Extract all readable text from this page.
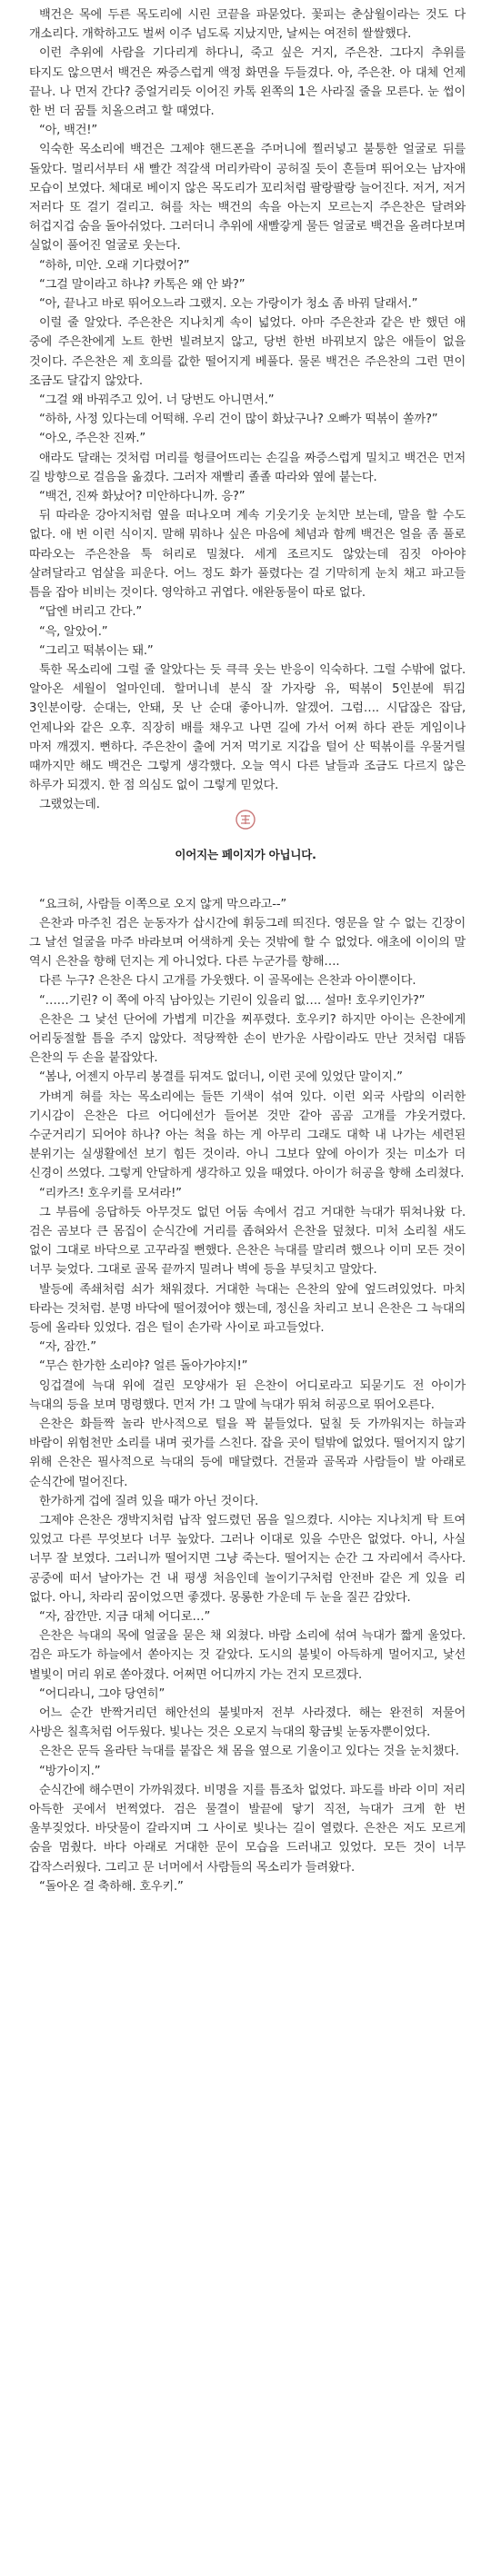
백건은 목에 두른 목도리에 시린 코끝을 파묻었다. 꽃피는 춘삼월이라는 것도 다 개소리다. 개학하고도 벌써 이주 넘도록 지났지만, 날씨는 여전히 쌀쌀했다.

이런 추위에 사람을 기다리게 하다니, 죽고 싶은 거지, 주은찬. 그다지 추위를 타지도 않으면서 백건은 짜증스럽게 액정 화면을 두들겼다. 아, 주은찬. 아 대체 언제 끝나. 나 먼저 간다? 중얼거리듯 이어진 카톡 왼쪽의 1은 사라질 줄을 모른다. 눈 썹이 한 번 더 꿈틀 치올으려고 할 때였다.

“아, 백건!”

익숙한 목소리에 백건은 그제야 핸드폰을 주머니에 찔러넣고 불퉁한 얼굴로 뒤를 돌았다. 멀리서부터 새 빨간 적갈색 머리카락이 공허질 듯이 흔들며 뛰어오는 남자애 모습이 보였다. 체대로 베이지 않은 목도리가 꼬리처럼 팔랑팔랑 늘어진다. 저거, 저거 저러다 또 걸기 걸리고. 혀를 차는 백건의 속을 아는지 모르는지 주은찬은 달려와 허겁지겁 숨을 돌아쉬었다. 그러더니 추위에 새빨갛게 물든 얼굴로 백건을 올려다보며 실없이 풀어진 얼굴로 웃는다.

“하하, 미안. 오래 기다렸어?”

“그걸 말이라고 하냐? 카톡은 왜 안 봐?”

“아, 끝나고 바로 뛰어오느라 그랬지. 오는 가랑이가 청소 좀 바꿔 달래서.”

이럴 줄 알았다. 주은찬은 지나치게 속이 넓었다. 아마 주은찬과 같은 반 했던 애 중에 주은찬에게 노트 한번 빌려보지 않고, 당번 한번 바꿔보지 않은 애들이 없을 것이다. 주은찬은 제 호의를 값한 떨어지게 베풀다. 물론 백건은 주은찬의 그런 면이 조금도 달갑지 않았다.

“그걸 왜 바꿔주고 있어. 너 당번도 아니면서.”

“하하, 사정 있다는데 어떡해. 우리 건이 많이 화났구나? 오빠가 떡볶이 쏠까?”

“아오, 주은찬 진짜.”

애라도 달래는 것처럼 머리를 헝클어뜨리는 손길을 짜증스럽게 밀치고 백건은 먼저 길 방향으로 걸음을 옮겼다. 그러자 재빨리 졸졸 따라와 옆에 붙는다.

“백건, 진짜 화났어? 미안하다니까. 응?”

뒤 따라운 강아지처럼 옆을 떠나오며 계속 기웃기웃 눈치만 보는데, 말을 할 수도 없다. 애 번 이런 식이지. 말해 뭐하나 싶은 마음에 체념과 함께 백건은 얼을 좀 풀로 따라오는 주은찬을 툭 허리로 밀쳤다. 세게 조르지도 않았는데 짐짓 아아야 살려달라고 엄살을 피운다. 어느 정도 화가 풀렸다는 걸 기막히게 눈치 채고 파고들 틈을 잡아 비비는 것이다. 영악하고 귀엽다. 애완동물이 따로 없다.

“답엔 버리고 간다.”

“윽, 알았어.”

“그리고 떡볶이는 돼.”

툭한 목소리에 그럴 줄 알았다는 듯 큭큭 웃는 반응이 익숙하다. 그럴 수밖에 없다. 알아온 세월이 얼마인데. 할머니네 분식 잘 가자랑 유, 떡볶이 5인분에 튀김 3인분이랑. 순대는, 안돼, 못 난 순대 좋아니까. 알겠어. 그럼…. 시답잖은 잡담, 언제나와 같은 오후. 직장히 배를 채우고 나면 길에 가서 어쩌 하다 관둔 게임이나 마저 깨겠지. 뻔하다. 주은찬이 출에 거저 먹기로 지갑을 털어 산 떡볶이를 우물거릴 때까지만 해도 백건은 그렇게 생각했다. 오늘 역시 다른 날들과 조금도 다르지 않은 하루가 되겠지. 한 점 의심도 없이 그렇게 믿었다.

그랬었는데.

이어지는 페이지가 아닙니다.

“요크허, 사람들 이쪽으로 오지 않게 막으라고--”

은찬과 마주친 검은 눈동자가 삽시간에 휘둥그레 띄진다. 영문을 알 수 없는 긴장이 그 날선 얼굴을 마주 바라보며 어색하게 웃는 것밖에 할 수 없었다. 애초에 이이의 말 역시 은찬을 향해 던지는 게 아니었다. 다른 누군가를 향해….

다른 누구? 은찬은 다시 고개를 가웃했다. 이 골목에는 은찬과 아이뿐이다.

“……기린? 이 쪽에 아직 남아있는 기린이 있을리 없…. 설마! 호우키인가?”

은찬은 그 낯선 단어에 가볍게 미간을 찌푸렸다. 호우키? 하지만 아이는 은찬에게 어리둥절할 틈을 주지 않았다. 적당짝한 손이 반가운 사람이라도 만난 것처럼 대뜸 은찬의 두 손을 붙잡았다.

“봄나, 어젠지 아무리 봉결를 뒤져도 없더니, 이런 곳에 있었단 말이지.”

가벼게 혀를 차는 목소리에는 들뜬 기색이 섞여 있다. 이런 외국 사람의 이러한 기시감이 은찬은 다르 어디에선가 들어본 것만 같아 곰곰 고개를 갸웃거렸다. 수군거리기 되어야 하나? 아는 척을 하는 게 아무리 그래도 대학 내 나가는 세련된 분위기는 실생활에선 보기 힘든 것이라. 아니 그보다 앞에 아이가 짓는 미소가 더 신경이 쓰였다. 그렇게 안달하게 생각하고 있을 때였다. 아이가 허공을 향해 소리쳤다.

“리카즈! 호우키를 모셔라!”

그 부름에 응답하듯 아무것도 없던 어둠 속에서 검고 거대한 늑대가 뛰쳐나왔 다. 검은 곰보다 큰 몸집이 순식간에 거리를 좁혀와서 은찬을 덮쳤다. 미처 소리칠 새도 없이 그대로 바닥으로 고꾸라질 뻔했다. 은찬은 늑대를 말리려 했으나 이미 모든 것이 너무 늦었다. 그대로 골목 끝까지 밀려나 벽에 등을 부딪치고 말았다.

발등에 족쇄처럼 쇠가 채워졌다. 거대한 늑대는 은찬의 앞에 엎드려있었다. 마치 타라는 것처럼. 분명 바닥에 떨어졌어야 했는데, 정신을 차리고 보니 은찬은 그 늑대의 등에 올라타 있었다. 검은 털이 손가락 사이로 파고들었다.

“자, 잠깐.”

“무슨 한가한 소리야? 얼른 돌아가야지!”

잉겁결에 늑대 위에 걸린 모양새가 된 은찬이 어디로라고 되묻기도 전 아이가 늑대의 등을 보며 명령했다. 먼저 가! 그 말에 늑대가 뛰쳐 허공으로 뛰어오른다.

은찬은 화들짝 놀라 반사적으로 털을 꽉 붙들었다. 덮칠 듯 가까워지는 하늘과 바람이 위험천만 소리를 내며 귓가를 스친다. 잡을 곳이 털밖에 없었다. 떨어지지 않기 위해 은찬은 필사적으로 늑대의 등에 매달렸다. 건물과 골목과 사람들이 발 아래로 순식간에 멀어진다.

한가하게 겁에 질려 있을 때가 아닌 것이다.

그제야 은찬은 갱박지처럼 납작 엎드렸던 몸을 일으켰다. 시야는 지나치게 탁 트여 있었고 다른 무엇보다 너무 높았다. 그러나 이대로 있을 수만은 없었다. 아니, 사실 너무 잘 보였다. 그러니까 떨어지면 그냥 죽는다. 떨어지는 순간 그 자리에서 즉사다. 공중에 떠서 날아가는 건 내 평생 처음인데 놀이기구처럼 안전바 같은 게 있을 리 없다. 아니, 차라리 꿈이었으면 좋겠다. 몽롱한 가운데 두 눈을 질끈 감았다.

“자, 잠깐만. 지금 대체 어디로…”

은찬은 늑대의 목에 얼굴을 묻은 채 외쳤다. 바람 소리에 섞여 늑대가 짧게 울었다. 검은 파도가 하늘에서 쏟아지는 것 같았다. 도시의 불빛이 아득하게 멀어지고, 낯선 별빛이 머리 위로 쏟아졌다. 어쩌면 어디까지 가는 건지 모르겠다.

“어디라니, 그야 당연히”

어느 순간 반짝거리던 해안선의 불빛마저 전부 사라졌다. 해는 완전히 저물어 사방은 칠흑처럼 어두웠다. 빛나는 것은 오로지 늑대의 황금빛 눈동자뿐이었다.

은찬은 문득 올라탄 늑대를 붙잡은 채 몸을 옆으로 기울이고 있다는 것을 눈치챘다.

“방가이지.”

순식간에 해수면이 가까워졌다. 비명을 지를 틈조차 없었다. 파도를 바라 이미 저리 아득한 곳에서 번쩍였다. 검은 물결이 발끝에 닿기 직전, 늑대가 크게 한 번 울부짖었다. 바닷물이 갈라지며 그 사이로 빛나는 길이 열렸다. 은찬은 저도 모르게 숨을 멈췄다. 바다 아래로 거대한 문이 모습을 드러내고 있었다. 모든 것이 너무 갑작스러웠다. 그리고 문 너머에서 사람들의 목소리가 들려왔다.

“돌아온 걸 축하해. 호우키.”
